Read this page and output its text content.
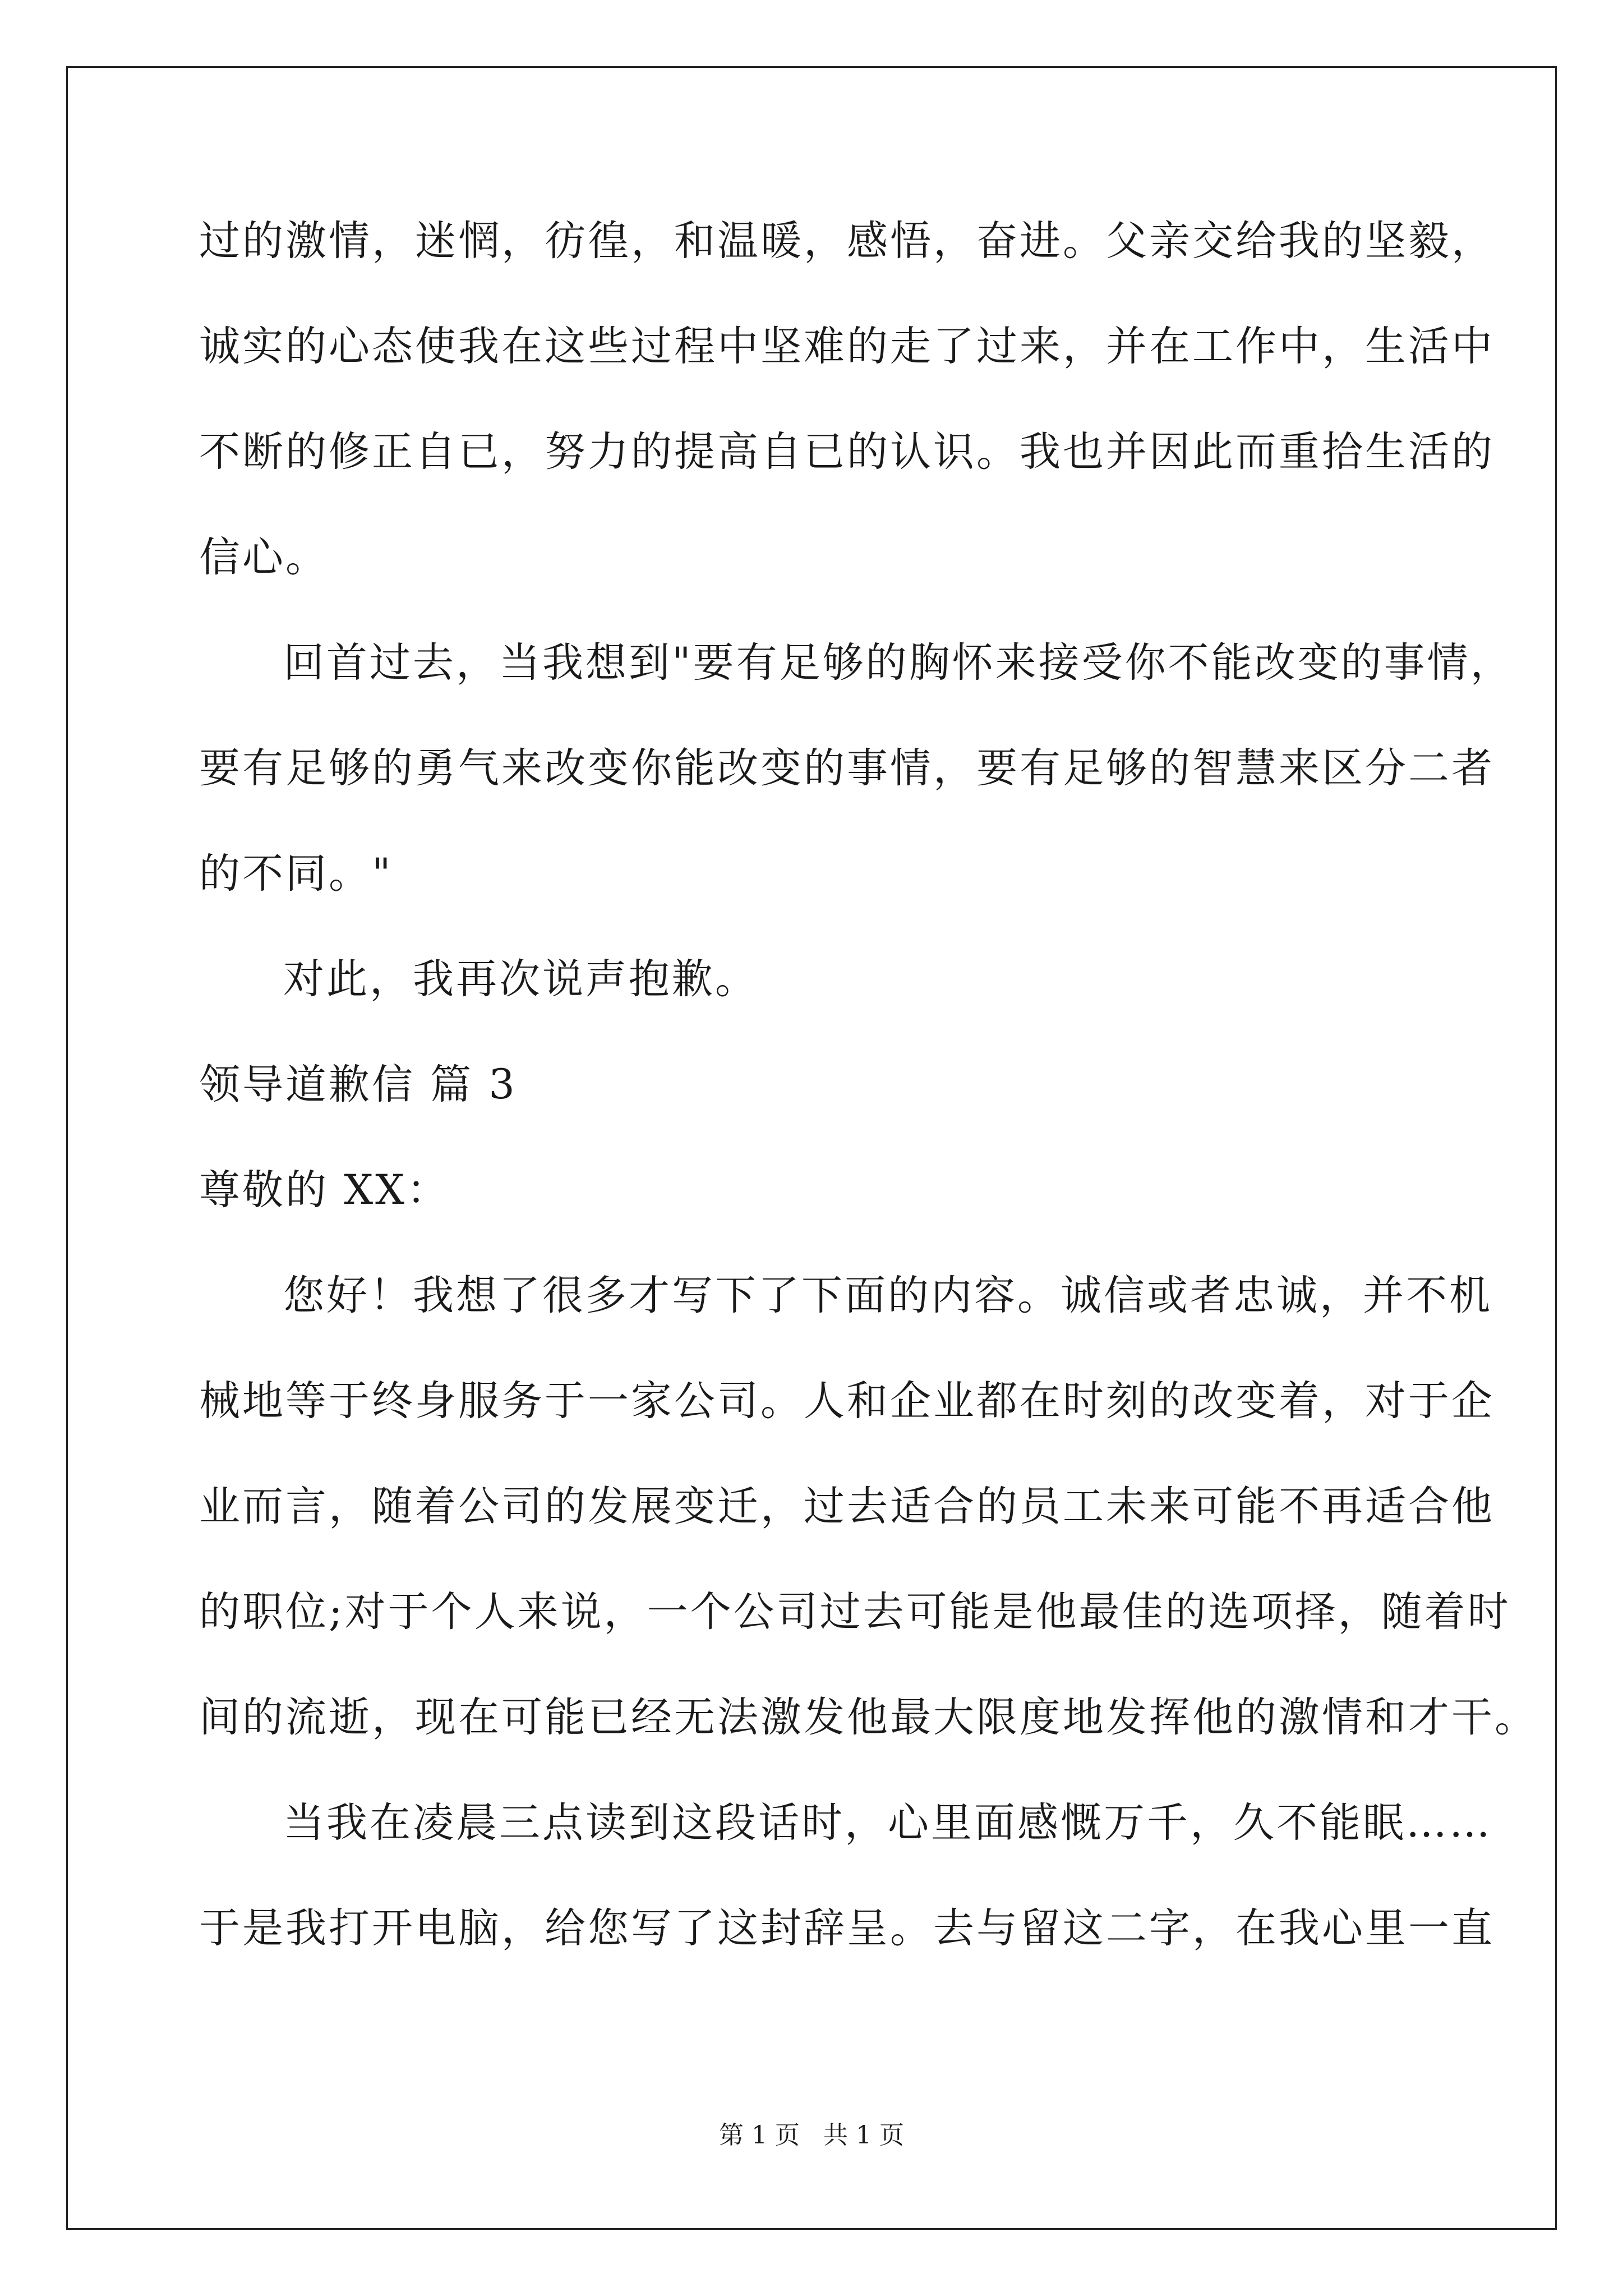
过的激情，迷惘，彷徨，和温暖，感悟，奋进。父亲交给我的坚毅，
诚实的心态使我在这些过程中坚难的走了过来，并在工作中，生活中
不断的修正自已，努力的提高自已的认识。我也并因此而重拾生活的
信心。
回首过去，当我想到"要有足够的胸怀来接受你不能改变的事情，
要有足够的勇气来改变你能改变的事情，要有足够的智慧来区分二者
的不同。"
对此，我再次说声抱歉。
领导道歉信 篇 3
尊敬的 XX：
您好！我想了很多才写下了下面的内容。诚信或者忠诚，并不机
械地等于终身服务于一家公司。人和企业都在时刻的改变着，对于企
业而言，随着公司的发展变迁，过去适合的员工未来可能不再适合他
的职位;对于个人来说，一个公司过去可能是他最佳的选项择，随着时
间的流逝，现在可能已经无法激发他最大限度地发挥他的激情和才干。
当我在凌晨三点读到这段话时，心里面感慨万千，久不能眠……
于是我打开电脑，给您写了这封辞呈。去与留这二字，在我心里一直
第 1 页 共 1 页
